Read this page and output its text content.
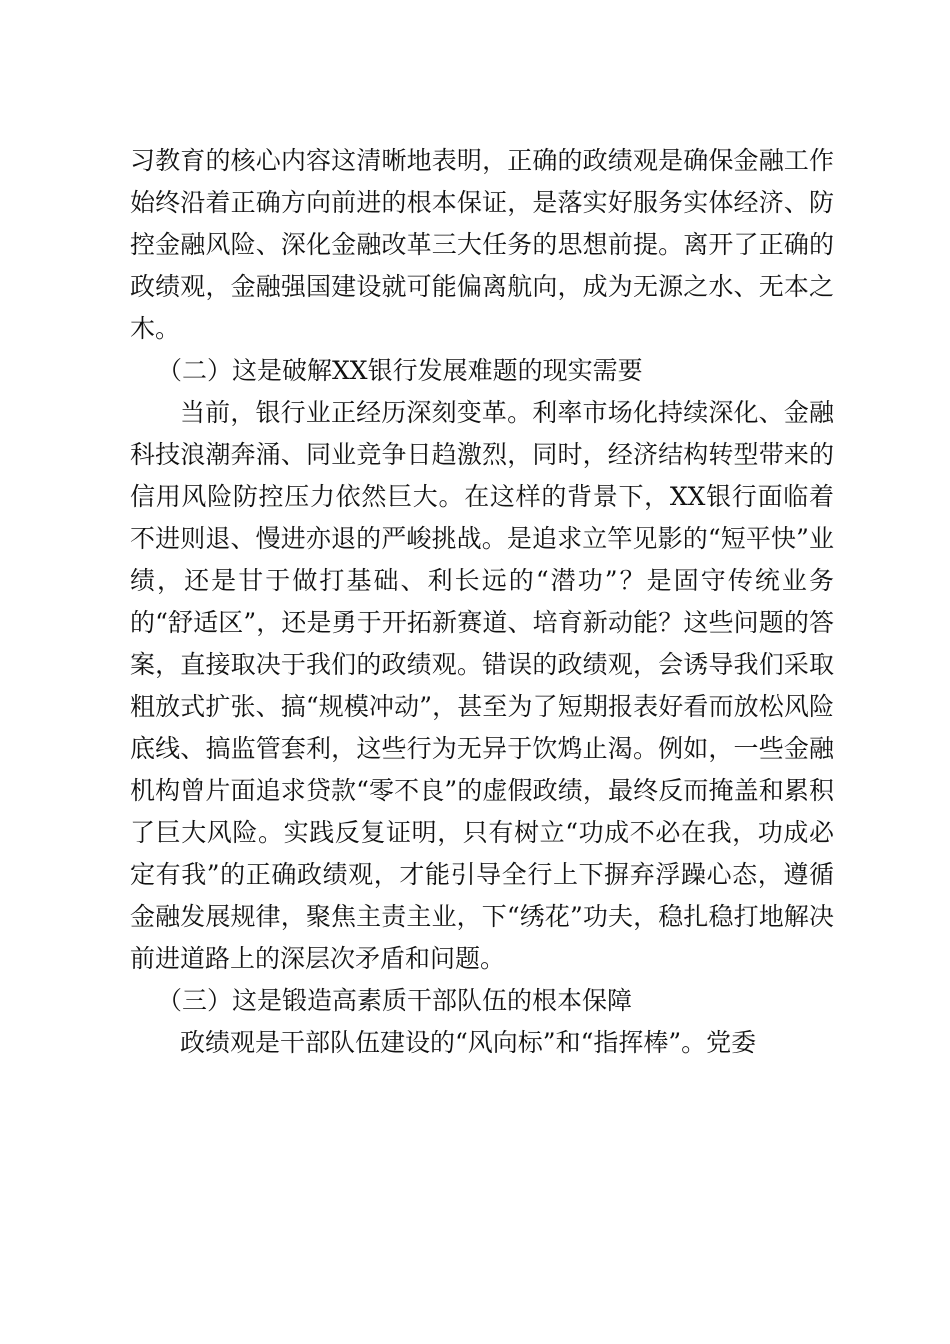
习教育的核心内容这清晰地表明，正确的政绩观是确保金融工作始终沿着正确方向前进的根本保证，是落实好服务实体经济、防控金融风险、深化金融改革三大任务的思想前提。离开了正确的政绩观，金融强国建设就可能偏离航向，成为无源之水、无本之木。

（二）这是破解XX银行发展难题的现实需要

当前，银行业正经历深刻变革。利率市场化持续深化、金融科技浪潮奔涌、同业竞争日趋激烈，同时，经济结构转型带来的信用风险防控压力依然巨大。在这样的背景下，XX银行面临着不进则退、慢进亦退的严峻挑战。是追求立竿见影的“短平快”业绩，还是甘于做打基础、利长远的“潜功”？是固守传统业务的“舒适区”，还是勇于开拓新赛道、培育新动能？这些问题的答案，直接取决于我们的政绩观。错误的政绩观，会诱导我们采取粗放式扩张、搞“规模冲动”，甚至为了短期报表好看而放松风险底线、搞监管套利，这些行为无异于饮鸩止渴。例如，一些金融机构曾片面追求贷款“零不良”的虚假政绩，最终反而掩盖和累积了巨大风险。实践反复证明，只有树立“功成不必在我，功成必定有我”的正确政绩观，才能引导全行上下摒弃浮躁心态，遵循金融发展规律，聚焦主责主业，下“绣花”功夫，稳扎稳打地解决前进道路上的深层次矛盾和问题。

（三）这是锻造高素质干部队伍的根本保障

政绩观是干部队伍建设的“风向标”和“指挥棒”。党委
